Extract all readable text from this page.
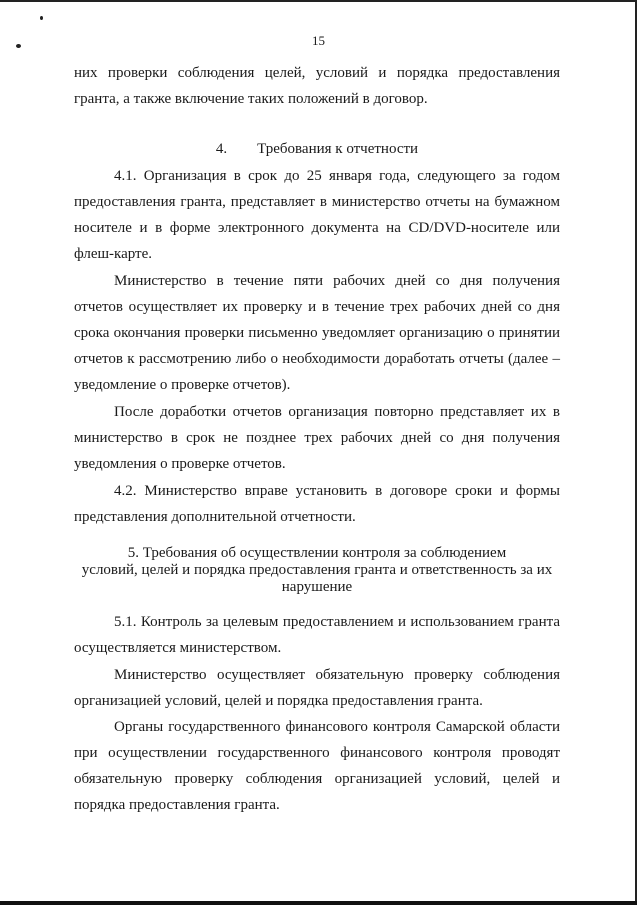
15

них проверки соблюдения целей, условий и порядка предоставления гранта, а также включение таких положений в договор.

4. Требования к отчетности

4.1. Организация в срок до 25 января года, следующего за годом предоставления гранта, представляет в министерство отчеты на бумажном носителе и в форме электронного документа на CD/DVD-носителе или флеш-карте.

Министерство в течение пяти рабочих дней со дня получения отчетов осуществляет их проверку и в течение трех рабочих дней со дня срока окончания проверки письменно уведомляет организацию о принятии отчетов к рассмотрению либо о необходимости доработать отчеты (далее – уведомление о проверке отчетов).

После доработки отчетов организация повторно представляет их в министерство в срок не позднее трех рабочих дней со дня получения уведомления о проверке отчетов.

4.2. Министерство вправе установить в договоре сроки и формы представления дополнительной отчетности.

5. Требования об осуществлении контроля за соблюдением
условий, целей и порядка предоставления гранта и ответственность за их
нарушение

5.1. Контроль за целевым предоставлением и использованием гранта осуществляется министерством.

Министерство осуществляет обязательную проверку соблюдения организацией условий, целей и порядка предоставления гранта.

Органы государственного финансового контроля Самарской области при осуществлении государственного финансового контроля проводят обязательную проверку соблюдения организацией условий, целей и порядка предоставления гранта.
